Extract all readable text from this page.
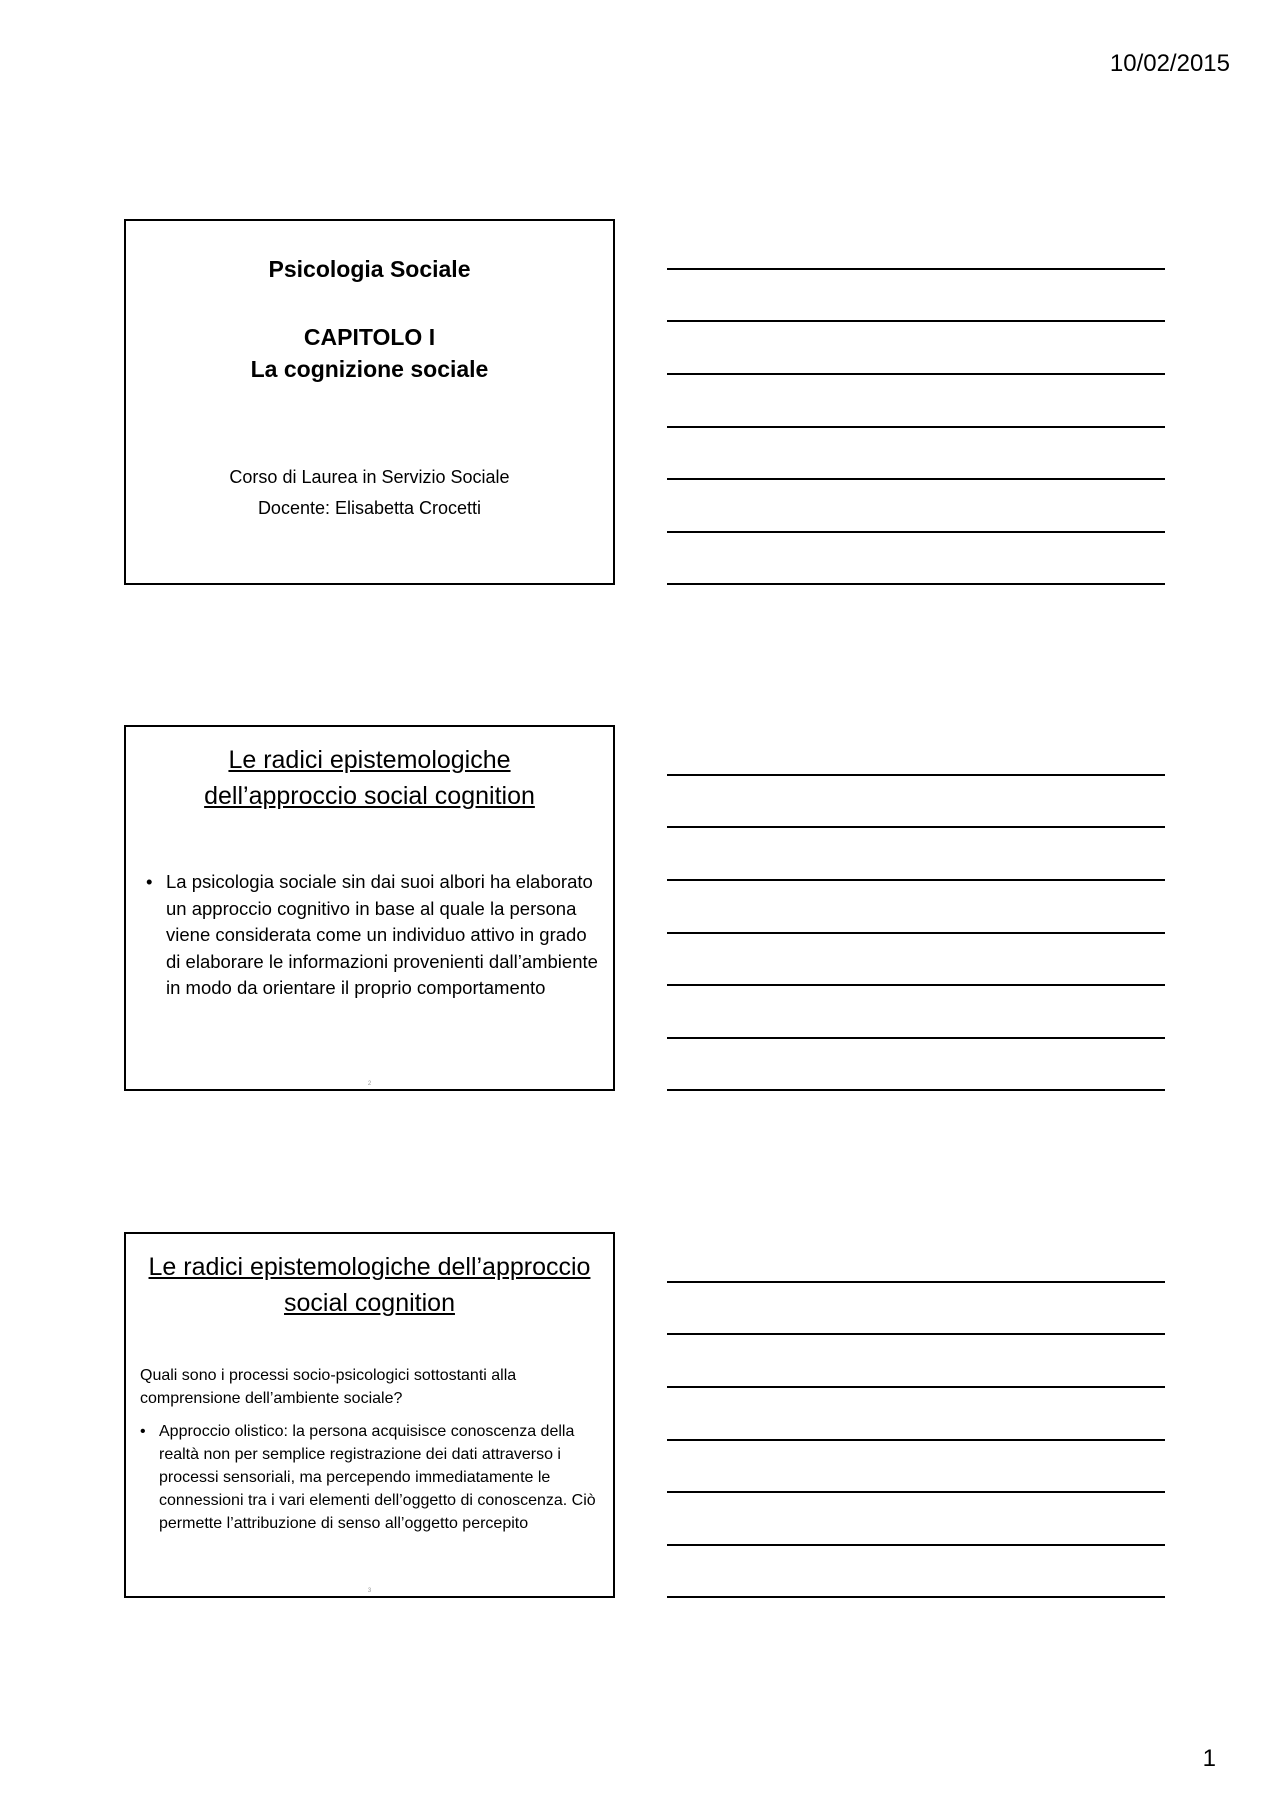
10/02/2015
Psicologia Sociale
CAPITOLO I
La cognizione sociale
Corso di Laurea in Servizio Sociale
Docente: Elisabetta Crocetti
Le radici epistemologiche
dell’approccio social cognition
• La psicologia sociale sin dai suoi albori ha elaborato un approccio cognitivo in base al quale la persona viene considerata come un individuo attivo in grado di elaborare le informazioni provenienti dall’ambiente in modo da orientare il proprio comportamento
2
Le radici epistemologiche dell’approccio
social cognition
Quali sono i processi socio-psicologici sottostanti alla comprensione dell’ambiente sociale?
• Approccio olistico: la persona acquisisce conoscenza della realtà non per semplice registrazione dei dati attraverso i processi sensoriali, ma percependo immediatamente le connessioni tra i vari elementi dell’oggetto di conoscenza. Ciò permette l’attribuzione di senso all’oggetto percepito
3
1
